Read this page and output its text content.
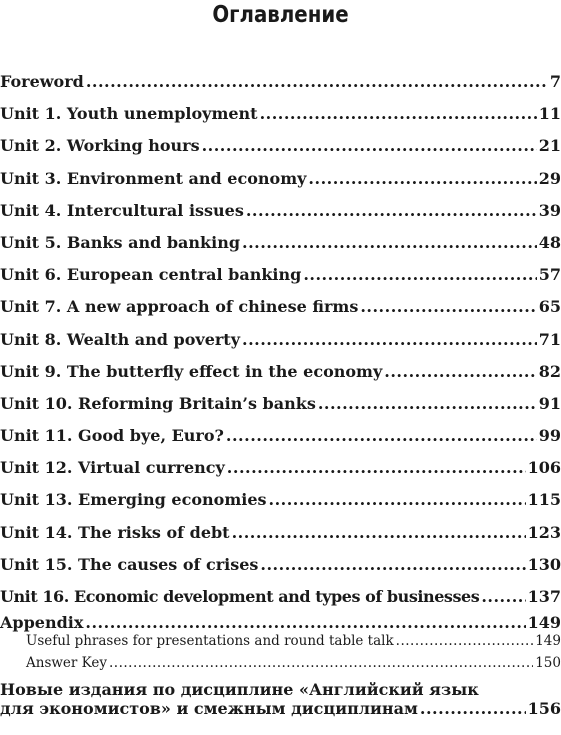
Оглавление
Foreword .....	7
Unit 1. Youth unemployment .....	11
Unit 2. Working hours .....	21
Unit 3. Environment and economy .....	29
Unit 4. Intercultural issues .....	39
Unit 5. Banks and banking .....	48
Unit 6. European central banking .....	57
Unit 7. A new approach of chinese firms .....	65
Unit 8. Wealth and poverty .....	71
Unit 9. The butterfly effect in the economy .....	82
Unit 10. Reforming Britain’s banks .....	91
Unit 11. Good bye, Euro? .....	99
Unit 12. Virtual currency .....	106
Unit 13. Emerging economies .....	115
Unit 14. The risks of debt .....	123
Unit 15. The causes of crises .....	130
Unit 16. Economic development and types of businesses .....	137
Appendix .....	149
Useful phrases for presentations and round table talk .....	149
Answer Key .....	150
Новые издания по дисциплине «Английский язык
для экономистов» и смежным дисциплинам .....	156
